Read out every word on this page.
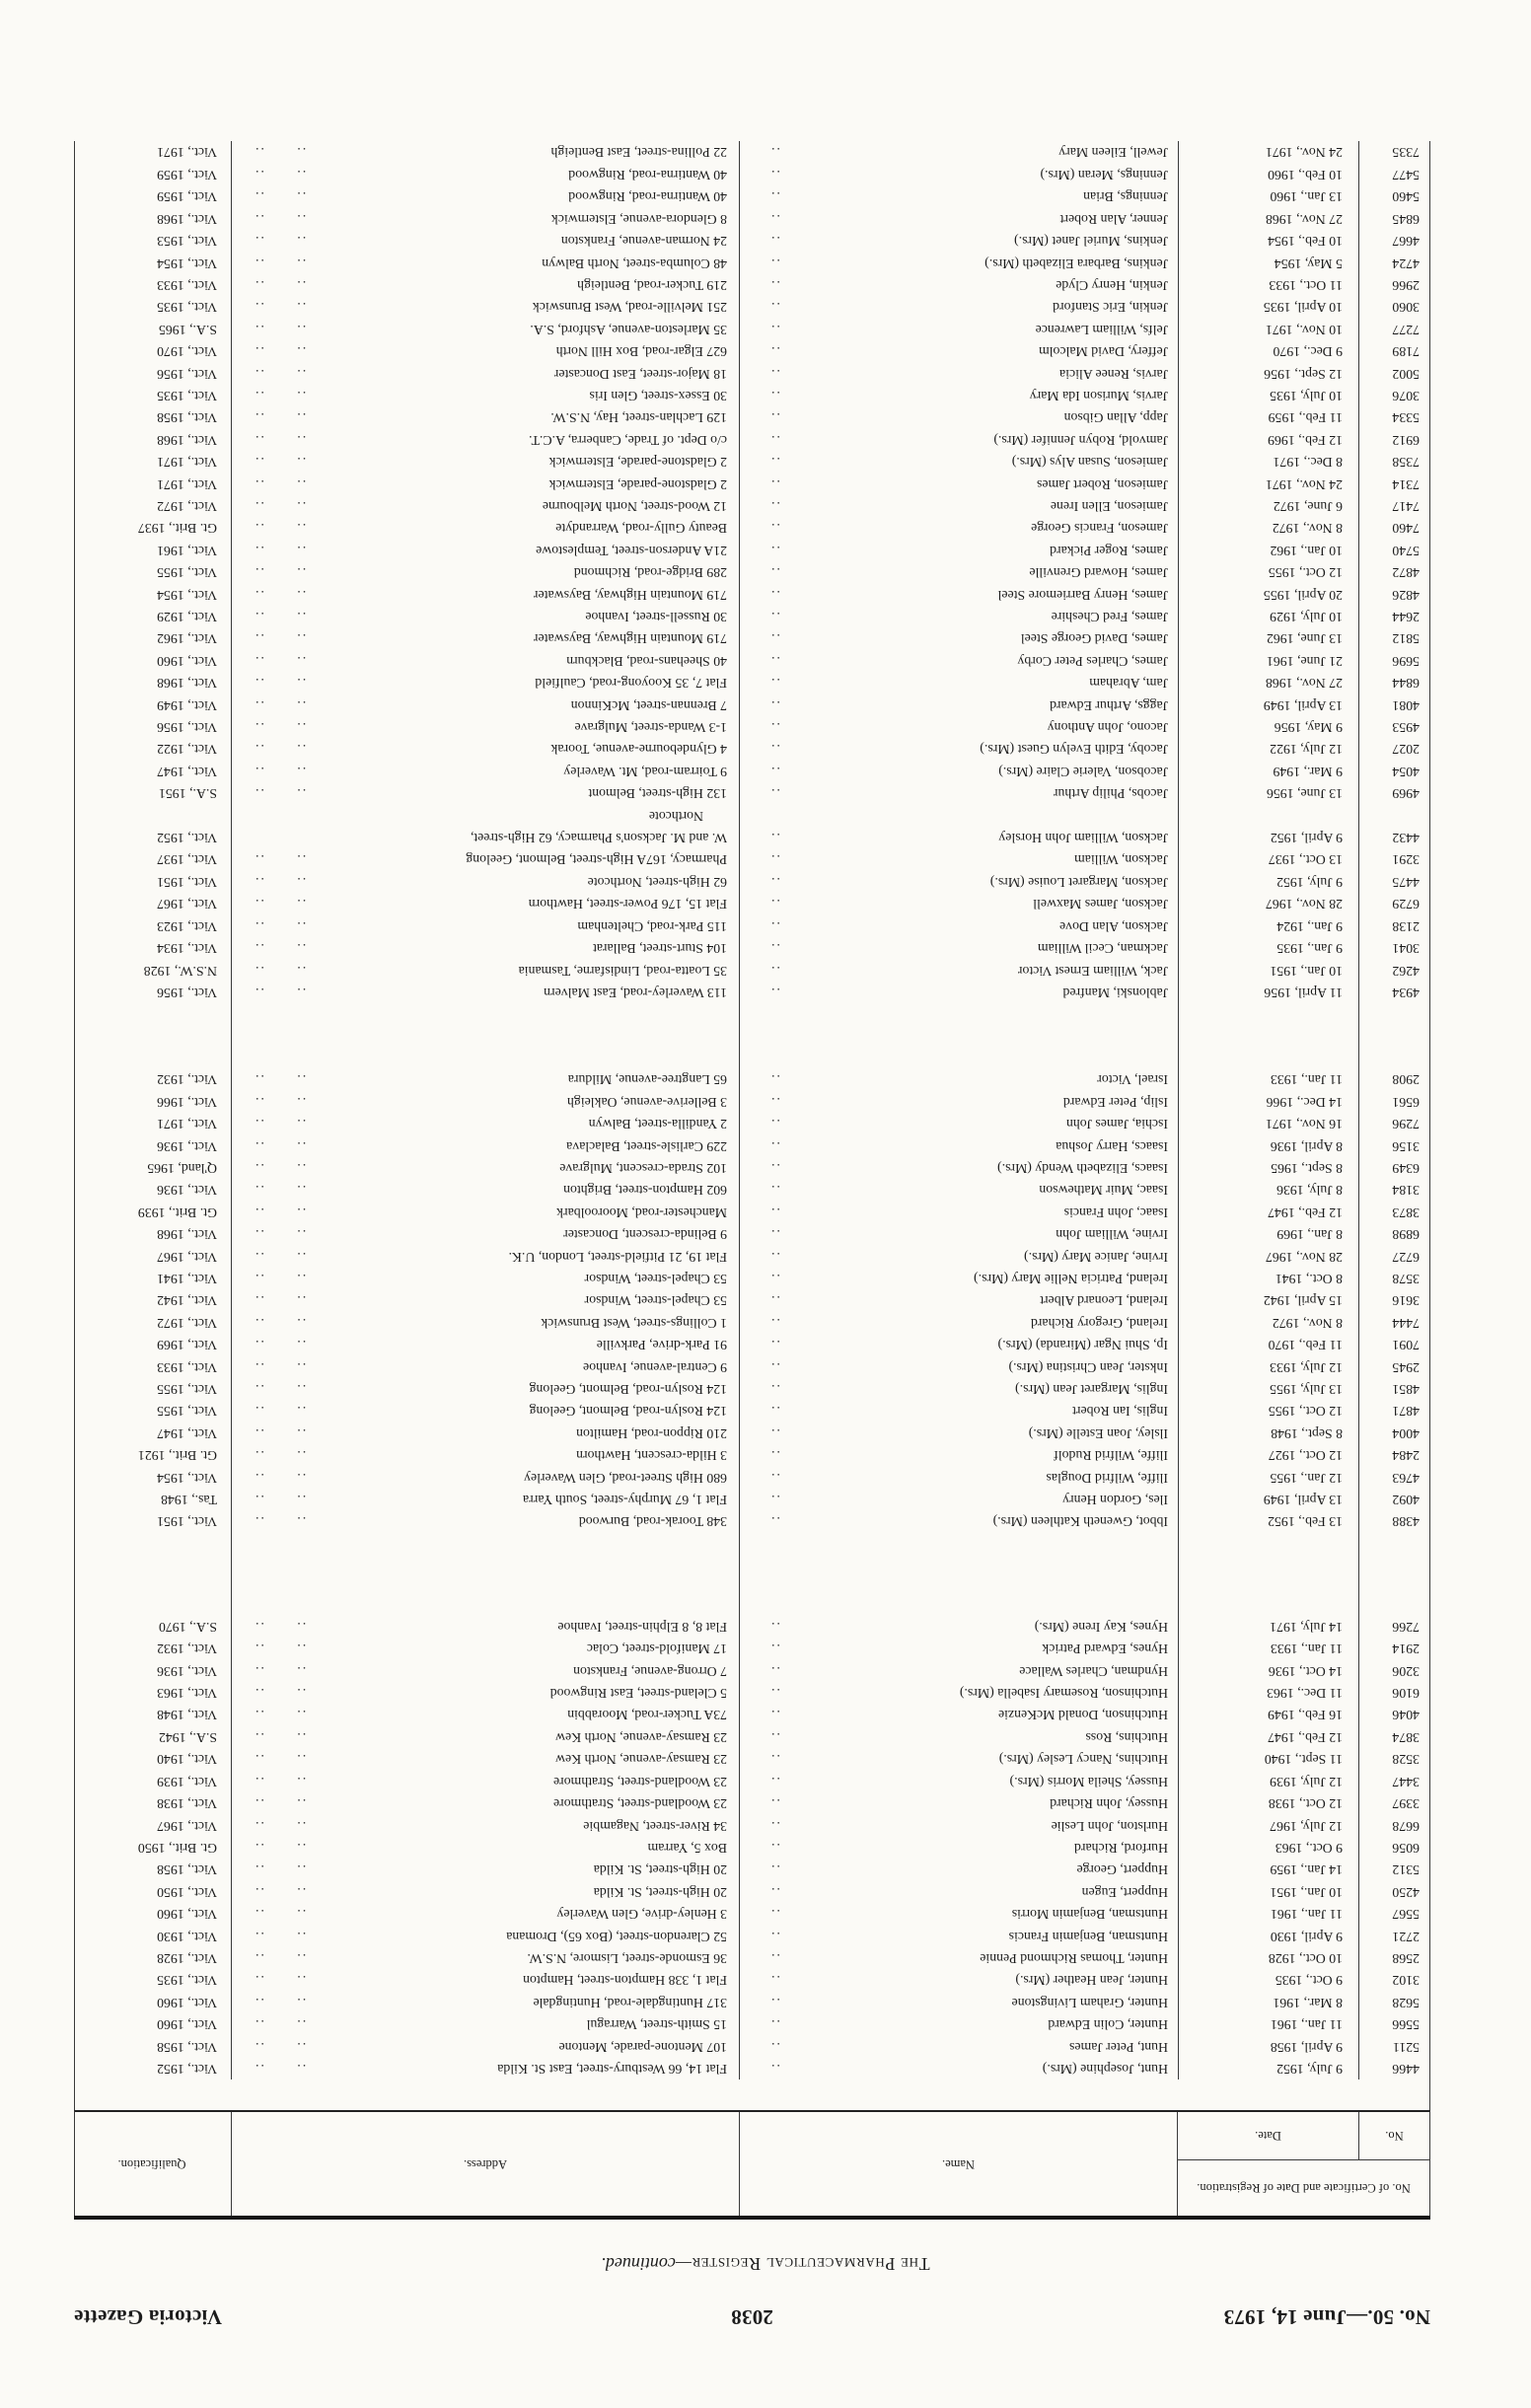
No. 50.—June 14, 1973
2038
Victoria Gazette
The Pharmaceutical Register—continued.
No. of Certificate and Date of Registration.
No.
Date.
Name.
Address.
Qualification.
4466
9 July, 1952
Hunt, Josephine (Mrs.)
..
Flat 14, 66 Westbury-street, East St. Kilda
.. ..
Vict., 1952
5211
9 April, 1958
Hunt, Peter James
..
107 Mentone-parade, Mentone
.. ..
Vict., 1958
5566
11 Jan., 1961
Hunter, Colin Edward
..
15 Smith-street, Warragul
.. ..
Vict., 1960
5628
8 Mar., 1961
Hunter, Graham Livingstone
..
317 Huntingdale-road, Huntingdale
.. ..
Vict., 1960
3102
9 Oct., 1935
Hunter, Jean Heather (Mrs.)
..
Flat 1, 338 Hampton-street, Hampton
.. ..
Vict., 1935
2568
10 Oct., 1928
Hunter, Thomas Richmond Pennie
..
36 Esmonde-street, Lismore, N.S.W.
.. ..
Vict., 1928
2721
9 April, 1930
Huntsman, Benjamin Francis
..
52 Clarendon-street, (Box 65), Dromana
.. ..
Vict., 1930
5567
11 Jan., 1961
Huntsman, Benjamin Morris
..
3 Henley-drive, Glen Waverley
.. ..
Vict., 1960
4250
10 Jan., 1951
Huppert, Eugen
..
20 High-street, St. Kilda
.. ..
Vict., 1950
5312
14 Jan., 1959
Huppert, George
..
20 High-street, St. Kilda
.. ..
Vict., 1958
6056
9 Oct., 1963
Hurford, Richard
..
Box 5, Yarram
.. ..
Gt. Brit., 1950
6678
12 July, 1967
Hurlston, John Leslie
..
34 River-street, Nagambie
.. ..
Vict., 1967
3397
12 Oct., 1938
Hussey, John Richard
..
23 Woodland-street, Strathmore
.. ..
Vict., 1938
3447
12 July, 1939
Hussey, Sheila Morris (Mrs.)
..
23 Woodland-street, Strathmore
.. ..
Vict., 1939
3528
11 Sept., 1940
Hutchins, Nancy Lesley (Mrs.)
..
23 Ramsay-avenue, North Kew
.. ..
Vict., 1940
3874
12 Feb., 1947
Hutchins, Ross
..
23 Ramsay-avenue, North Kew
.. ..
S.A., 1942
4046
16 Feb., 1949
Hutchinson, Donald McKenzie
..
73A Tucker-road, Moorabbin
.. ..
Vict., 1948
6106
11 Dec., 1963
Hutchinson, Rosemary Isabella (Mrs.)
..
5 Cleland-street, East Ringwood
.. ..
Vict., 1963
3206
14 Oct., 1936
Hyndman, Charles Wallace
..
7 Orrong-avenue, Frankston
.. ..
Vict., 1936
2914
11 Jan., 1933
Hynes, Edward Patrick
..
17 Manifold-street, Colac
.. ..
Vict., 1932
7266
14 July, 1971
Hynes, Kay Irene (Mrs.)
..
Flat 8, 8 Elphin-street, Ivanhoe
.. ..
S.A., 1970
4388
13 Feb., 1952
Ibbot, Gweneth Kathleen (Mrs.)
..
348 Toorak-road, Burwood
.. ..
Vict., 1951
4092
13 April, 1949
Iles, Gordon Henry
..
Flat 1, 67 Murphy-street, South Yarra
.. ..
Tas., 1948
4763
12 Jan., 1955
Iliffe, Wilfrid Douglas
..
680 High Street-road, Glen Waverley
.. ..
Vict., 1954
2484
12 Oct., 1927
Iliffe, Wilfrid Rudolf
..
3 Hilda-crescent, Hawthorn
.. ..
Gt. Brit., 1921
4004
8 Sept., 1948
Ilsley, Joan Estelle (Mrs.)
..
210 Rippon-road, Hamilton
.. ..
Vict., 1947
4871
12 Oct., 1955
Inglis, Ian Robert
..
124 Roslyn-road, Belmont, Geelong
.. ..
Vict., 1955
4851
13 July, 1955
Inglis, Margaret Jean (Mrs.)
..
124 Roslyn-road, Belmont, Geelong
.. ..
Vict., 1955
2945
12 July, 1933
Inkster, Jean Christina (Mrs.)
..
9 Central-avenue, Ivanhoe
.. ..
Vict., 1933
7091
11 Feb., 1970
Ip, Shui Ngar (Miranda) (Mrs.)
..
91 Park-drive, Parkville
.. ..
Vict., 1969
7444
8 Nov., 1972
Ireland, Gregory Richard
..
1 Collings-street, West Brunswick
.. ..
Vict., 1972
3616
15 April, 1942
Ireland, Leonard Albert
..
53 Chapel-street, Windsor
.. ..
Vict., 1942
3578
8 Oct., 1941
Ireland, Patricia Nellie Mary (Mrs.)
..
53 Chapel-street, Windsor
.. ..
Vict., 1941
6727
28 Nov., 1967
Irvine, Janice Mary (Mrs.)
..
Flat 19, 21 Pitfield-street, London, U.K.
.. ..
Vict., 1967
6898
8 Jan., 1969
Irvine, William John
..
9 Belinda-crescent, Doncaster
.. ..
Vict., 1968
3873
12 Feb., 1947
Isaac, John Francis
..
Manchester-road, Mooroolbark
.. ..
Gt. Brit., 1939
3184
8 July, 1936
Isaac, Muir Mathewson
..
602 Hampton-street, Brighton
.. ..
Vict., 1936
6349
8 Sept., 1965
Isaacs, Elizabeth Wendy (Mrs.)
..
102 Strada-crescent, Mulgrave
.. ..
Q'land, 1965
3156
8 April, 1936
Isaacs, Harry Joshua
..
229 Carlisle-street, Balaclava
.. ..
Vict., 1936
7296
16 Nov., 1971
Ischia, James John
..
2 Yandilla-street, Balwyn
.. ..
Vict., 1971
6561
14 Dec., 1966
Islip, Peter Edward
..
3 Bellerive-avenue, Oakleigh
.. ..
Vict., 1966
2908
11 Jan., 1933
Israel, Victor
..
65 Langtree-avenue, Mildura
.. ..
Vict., 1932
4934
11 April, 1956
Jablonski, Manfred
..
113 Waverley-road, East Malvern
.. ..
Vict., 1956
4262
10 Jan., 1951
Jack, William Ernest Victor
..
35 Loatta-road, Lindisfarne, Tasmania
.. ..
N.S.W., 1928
3041
9 Jan., 1935
Jackman, Cecil William
..
104 Sturt-street, Ballarat
.. ..
Vict., 1934
2138
9 Jan., 1924
Jackson, Alan Dove
..
115 Park-road, Cheltenham
.. ..
Vict., 1923
6729
28 Nov., 1967
Jackson, James Maxwell
..
Flat 15, 176 Power-street, Hawthorn
.. ..
Vict., 1967
4475
9 July, 1952
Jackson, Margaret Louise (Mrs.)
..
62 High-street, Northcote
.. ..
Vict., 1951
3291
13 Oct., 1937
Jackson, William
..
Pharmacy, 167A High-street, Belmont, Geelong
.. ..
Vict., 1937
4432
9 April, 1952
Jackson, William John Horsley
..
W. and M. Jackson's Pharmacy, 62 High-street,
Northcote
Vict., 1952
4969
13 June, 1956
Jacobs, Philip Arthur
..
132 High-street, Belmont
.. ..
S.A., 1951
4054
9 Mar., 1949
Jacobson, Valerie Claire (Mrs.)
..
9 Toirram-road, Mt. Waverley
.. ..
Vict., 1947
2027
12 July, 1922
Jacoby, Edith Evelyn Guest (Mrs.)
..
4 Glyndebourne-avenue, Toorak
.. ..
Vict., 1922
4953
9 May, 1956
Jacono, John Anthony
..
1-3 Wanda-street, Mulgrave
.. ..
Vict., 1956
4081
13 April, 1949
Jaggs, Arthur Edward
..
7 Brennan-street, McKinnon
.. ..
Vict., 1949
6844
27 Nov., 1968
Jam, Abraham
..
Flat 7, 35 Kooyong-road, Caulfield
.. ..
Vict., 1968
5696
21 June, 1961
James, Charles Peter Corby
..
40 Sheehans-road, Blackburn
.. ..
Vict., 1960
5812
13 June, 1962
James, David George Steel
..
719 Mountain Highway, Bayswater
.. ..
Vict., 1962
2644
10 July, 1929
James, Fred Cheshire
..
30 Russell-street, Ivanhoe
.. ..
Vict., 1929
4826
20 April, 1955
James, Henry Barriemore Steel
..
719 Mountain Highway, Bayswater
.. ..
Vict., 1954
4872
12 Oct., 1955
James, Howard Grenville
..
289 Bridge-road, Richmond
.. ..
Vict., 1955
5740
10 Jan., 1962
James, Roger Pickard
..
21A Anderson-street, Templestowe
.. ..
Vict., 1961
7460
8 Nov., 1972
Jameson, Francis George
..
Beauty Gully-road, Warrandyte
.. ..
Gt. Brit., 1937
7417
6 June, 1972
Jamieson, Ellen Irene
..
12 Wood-street, North Melbourne
.. ..
Vict., 1972
7314
24 Nov., 1971
Jamieson, Robert James
..
2 Gladstone-parade, Elsternwick
.. ..
Vict., 1971
7358
8 Dec., 1971
Jamieson, Susan Alys (Mrs.)
..
2 Gladstone-parade, Elsternwick
.. ..
Vict., 1971
6912
12 Feb., 1969
Jamvold, Robyn Jennifer (Mrs.)
..
c/o Dept. of Trade, Canberra, A.C.T.
.. ..
Vict., 1968
5334
11 Feb., 1959
Japp, Allan Gibson
..
129 Lachlan-street, Hay, N.S.W.
.. ..
Vict., 1958
3076
10 July, 1935
Jarvis, Murison Ida Mary
..
30 Essex-street, Glen Iris
.. ..
Vict., 1935
5002
12 Sept., 1956
Jarvis, Renee Alicia
..
18 Major-street, East Doncaster
.. ..
Vict., 1956
7189
9 Dec., 1970
Jeffery, David Malcolm
..
627 Elgar-road, Box Hill North
.. ..
Vict., 1970
7277
10 Nov., 1971
Jelfs, William Lawrence
..
35 Marleston-avenue, Ashford, S.A.
.. ..
S.A., 1965
3060
10 April, 1935
Jenkin, Eric Stanford
..
251 Melville-road, West Brunswick
.. ..
Vict., 1935
2966
11 Oct., 1933
Jenkin, Henry Clyde
..
219 Tucker-road, Bentleigh
.. ..
Vict., 1933
4724
5 May, 1954
Jenkins, Barbara Elizabeth (Mrs.)
..
48 Columba-street, North Balwyn
.. ..
Vict., 1954
4667
10 Feb., 1954
Jenkins, Muriel Janet (Mrs.)
..
24 Norman-avenue, Frankston
.. ..
Vict., 1953
6845
27 Nov., 1968
Jenner, Alan Robert
..
8 Glendora-avenue, Elsternwick
.. ..
Vict., 1968
5460
13 Jan., 1960
Jennings, Brian
..
40 Wantirna-road, Ringwood
.. ..
Vict., 1959
5477
10 Feb., 1960
Jennings, Meran (Mrs.)
..
40 Wantirna-road, Ringwood
.. ..
Vict., 1959
7335
24 Nov., 1971
Jewell, Eileen Mary
..
22 Pollina-street, East Bentleigh
.. ..
Vict., 1971
